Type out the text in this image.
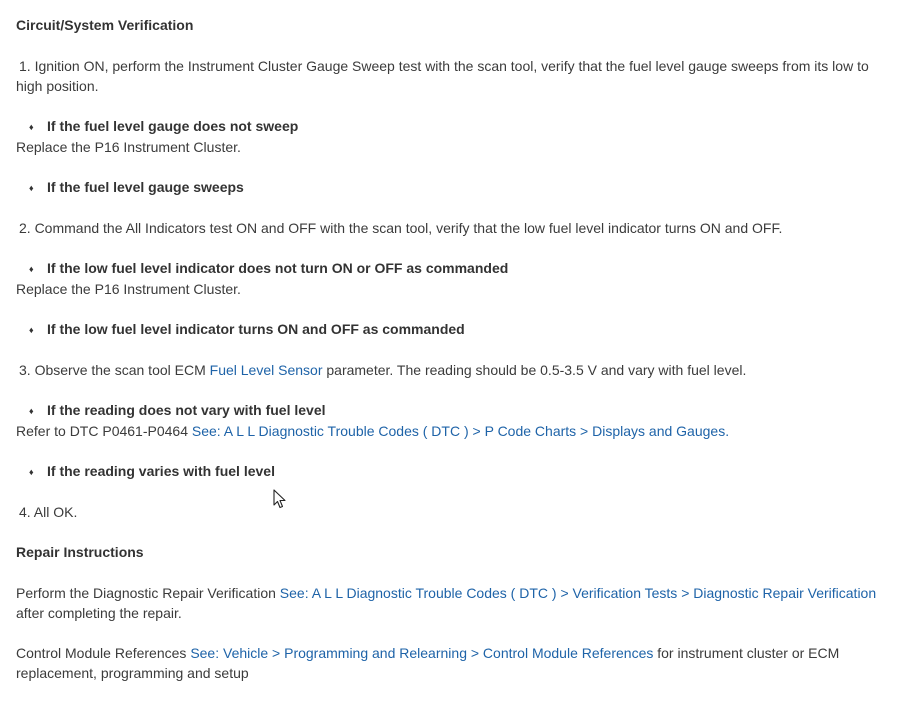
Circuit/System Verification
1. Ignition ON, perform the Instrument Cluster Gauge Sweep test with the scan tool, verify that the fuel level gauge sweeps from its low to high position.
♦ If the fuel level gauge does not sweep
Replace the P16 Instrument Cluster.
♦ If the fuel level gauge sweeps
2. Command the All Indicators test ON and OFF with the scan tool, verify that the low fuel level indicator turns ON and OFF.
♦ If the low fuel level indicator does not turn ON or OFF as commanded
Replace the P16 Instrument Cluster.
♦ If the low fuel level indicator turns ON and OFF as commanded
3. Observe the scan tool ECM Fuel Level Sensor parameter. The reading should be 0.5-3.5 V and vary with fuel level.
♦ If the reading does not vary with fuel level
Refer to DTC P0461-P0464 See: A L L Diagnostic Trouble Codes ( DTC ) > P Code Charts > Displays and Gauges.
♦ If the reading varies with fuel level
4. All OK.
Repair Instructions
Perform the Diagnostic Repair Verification See: A L L Diagnostic Trouble Codes ( DTC ) > Verification Tests > Diagnostic Repair Verification after completing the repair.
Control Module References See: Vehicle > Programming and Relearning > Control Module References for instrument cluster or ECM replacement, programming and setup
